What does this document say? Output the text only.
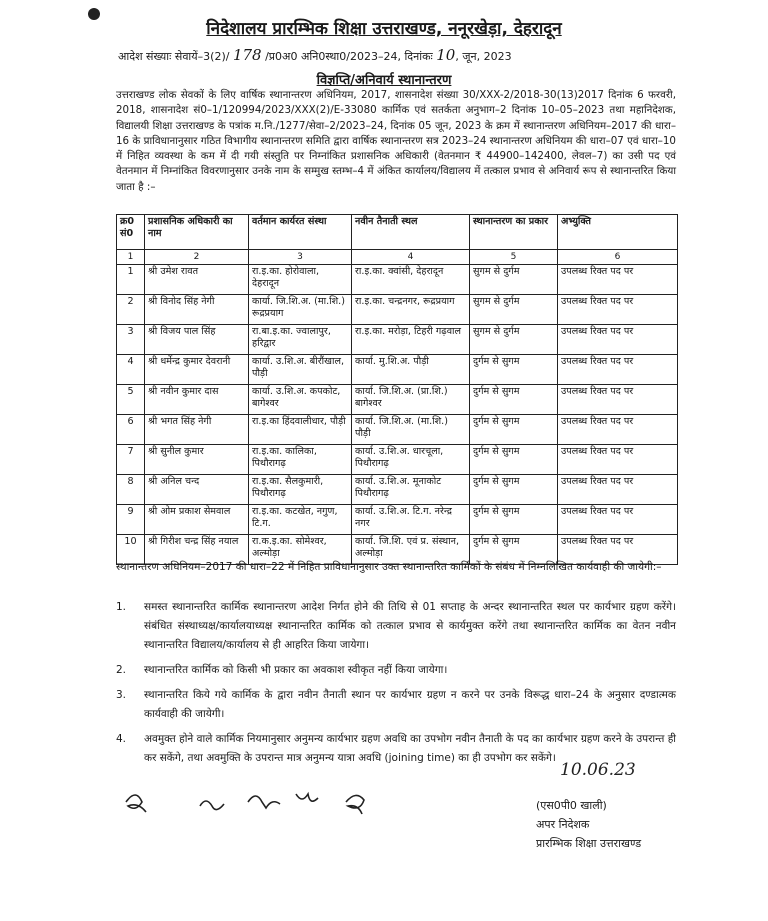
निदेशालय प्रारम्भिक शिक्षा उत्तराखण्ड, ननूरखेड़ा, देहरादून
आदेश संख्याः सेवायें–3(2)/ 178 /प्र0अ0 अनि0स्था0/2023–24, दिनांकः 10, जून, 2023
विज्ञप्ति/अनिवार्य स्थानान्तरण
उत्तराखण्ड लोक सेवकों के लिए वार्षिक स्थानान्तरण अधिनियम, 2017, शासनादेश संख्या 30/XXX-2/2018-30(13)2017 दिनांक 6 फरवरी, 2018, शासनादेश सं0–1/120994/2023/XXX(2)/E-33080 कार्मिक एवं सतर्कता अनुभाग–2 दिनांक 10–05–2023 तथा महानिदेशक, विद्यालयी शिक्षा उत्तराखण्ड के पत्रांक म.नि./1277/सेवा–2/2023–24, दिनांक 05 जून, 2023 के क्रम में स्थानान्तरण अधिनियम–2017 की धारा–16 के प्राविधानानुसार गठित विभागीय स्थानान्तरण समिति द्वारा वार्षिक स्थानान्तरण सत्र 2023–24 स्थानान्तरण अधिनियम की धारा–07 एवं धारा–10 में निहित व्यवस्था के कम में दी गयी संस्तुति पर निम्नांकित प्रशासनिक अधिकारी (वेतनमान ₹ 44900–142400, लेवल–7) का उसी पद एवं वेतनमान में निम्नांकित विवरणानुसार उनके नाम के सम्मुख स्तम्भ–4 में अंकित कार्यालय/विद्यालय में तत्काल प्रभाव से अनिवार्य रूप से स्थानान्तरित किया जाता है :–
क्र0 सं0	प्रशासनिक अधिकारी का नाम	वर्तमान कार्यरत संस्था	नवीन तैनाती स्थल	स्थानान्तरण का प्रकार	अभ्युक्ति
1	2	3	4	5	6
1	श्री उमेश रावत	रा.इ.का. होरोवाला, देहरादून	रा.इ.का. क्वांसी, देहरादून	सुगम से दुर्गम	उपलब्ध रिक्त पद पर
2	श्री विनोद सिंह नेगी	कार्या. जि.शि.अ. (मा.शि.) रूद्रप्रयाग	रा.इ.का. चन्द्रनगर, रूद्रप्रयाग	सुगम से दुर्गम	उपलब्ध रिक्त पद पर
3	श्री विजय पाल सिंह	रा.बा.इ.का. ज्वालापुर, हरिद्वार	रा.इ.का. मरोड़ा, टिहरी गढ़वाल	सुगम से दुर्गम	उपलब्ध रिक्त पद पर
4	श्री धर्मेन्द्र कुमार देवरानी	कार्या. उ.शि.अ. बीरौंखाल, पौड़ी	कार्या. मु.शि.अ. पौड़ी	दुर्गम से सुगम	उपलब्ध रिक्त पद पर
5	श्री नवीन कुमार दास	कार्या. उ.शि.अ. कपकोट, बागेश्वर	कार्या. जि.शि.अ. (प्रा.शि.) बागेश्वर	दुर्गम से सुगम	उपलब्ध रिक्त पद पर
6	श्री भगत सिंह नेगी	रा.इ.का हिंदवालीधार, पौड़ी	कार्या. जि.शि.अ. (मा.शि.) पौड़ी	दुर्गम से सुगम	उपलब्ध रिक्त पद पर
7	श्री सुनील कुमार	रा.इ.का. कालिका, पिथौरागढ़	कार्या. उ.शि.अ. धारचूला, पिथौरागढ़	दुर्गम से सुगम	उपलब्ध रिक्त पद पर
8	श्री अनिल चन्द	रा.इ.का. सैलकुमारी, पिथौरागढ़	कार्या. उ.शि.अ. मूनाकोट पिथौरागढ़	दुर्गम से सुगम	उपलब्ध रिक्त पद पर
9	श्री ओम प्रकाश सेमवाल	रा.इ.का. कटखेत, नगुण, टि.ग.	कार्या. उ.शि.अ. टि.ग. नरेन्द्र नगर	दुर्गम से सुगम	उपलब्ध रिक्त पद पर
10	श्री गिरीश चन्द्र सिंह नयाल	रा.क.इ.का. सोमेश्वर, अल्मोड़ा	कार्या. जि.शि. एवं प्र. संस्थान, अल्मोड़ा	दुर्गम से सुगम	उपलब्ध रिक्त पद पर
स्थानान्तरण अधिनियम–2017 की धारा–22 में निहित प्राविधानानुसार उक्त स्थानान्तरित कार्मिकों के संबंध में निम्नलिखित कार्यवाही की जायेगी:–
1. समस्त स्थानान्तरित कार्मिक स्थानान्तरण आदेश निर्गत होने की तिथि से 01 सप्ताह के अन्दर स्थानान्तरित स्थल पर कार्यभार ग्रहण करेंगे। संबंधित संस्थाध्यक्ष/कार्यालयाध्यक्ष स्थानान्तरित कार्मिक को तत्काल प्रभाव से कार्यमुक्त करेंगे तथा स्थानान्तरित कार्मिक का वेतन नवीन स्थानान्तरित विद्यालय/कार्यालय से ही आहरित किया जायेगा।
2. स्थानान्तरित कार्मिक को किसी भी प्रकार का अवकाश स्वीकृत नहीं किया जायेगा।
3. स्थानान्तरित किये गये कार्मिक के द्वारा नवीन तैनाती स्थान पर कार्यभार ग्रहण न करने पर उनके विरूद्ध धारा–24 के अनुसार दण्डात्मक कार्यवाही की जायेगी।
4. अवमुक्त होने वाले कार्मिक नियमानुसार अनुमन्य कार्यभार ग्रहण अवधि का उपभोग नवीन तैनाती के पद का कार्यभार ग्रहण करने के उपरान्त ही कर सकेंगे, तथा अवमुक्ति के उपरान्त मात्र अनुमन्य यात्रा अवधि (joining time) का ही उपभोग कर सकेंगे।
10.06.23
(एस0पी0 खाली)
अपर निदेशक
प्रारम्भिक शिक्षा उत्तराखण्ड
